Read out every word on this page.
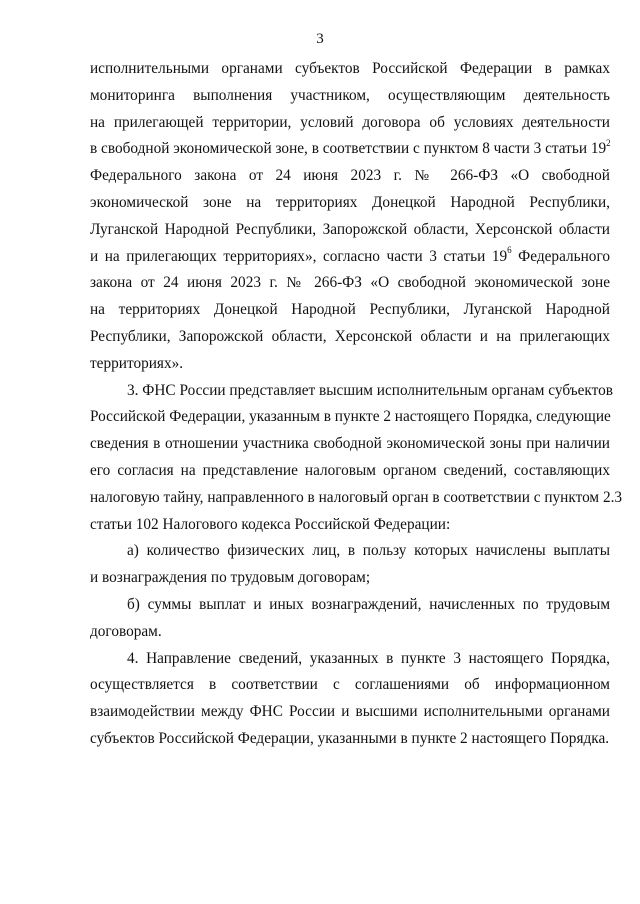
3
исполнительными органами субъектов Российской Федерации в рамках
мониторинга выполнения участником, осуществляющим деятельность
на прилегающей территории, условий договора об условиях деятельности
в свободной экономической зоне, в соответствии с пунктом 8 части 3 статьи $19^2$
Федерального закона от 24 июня 2023 г. № 266-ФЗ «О свободной
экономической зоне на территориях Донецкой Народной Республики,
Луганской Народной Республики, Запорожской области, Херсонской области
и на прилегающих территориях», согласно части 3 статьи $19^6$ Федерального
закона от 24 июня 2023 г. № 266-ФЗ «О свободной экономической зоне
на территориях Донецкой Народной Республики, Луганской Народной
Республики, Запорожской области, Херсонской области и на прилегающих
территориях».
3. ФНС России представляет высшим исполнительным органам субъектов
Российской Федерации, указанным в пункте 2 настоящего Порядка, следующие
сведения в отношении участника свободной экономической зоны при наличии
его согласия на представление налоговым органом сведений, составляющих
налоговую тайну, направленного в налоговый орган в соответствии с пунктом 2.3
статьи 102 Налогового кодекса Российской Федерации:
а) количество физических лиц, в пользу которых начислены выплаты
и вознаграждения по трудовым договорам;
б) суммы выплат и иных вознаграждений, начисленных по трудовым
договорам.
4. Направление сведений, указанных в пункте 3 настоящего Порядка,
осуществляется в соответствии с соглашениями об информационном
взаимодействии между ФНС России и высшими исполнительными органами
субъектов Российской Федерации, указанными в пункте 2 настоящего Порядка.
